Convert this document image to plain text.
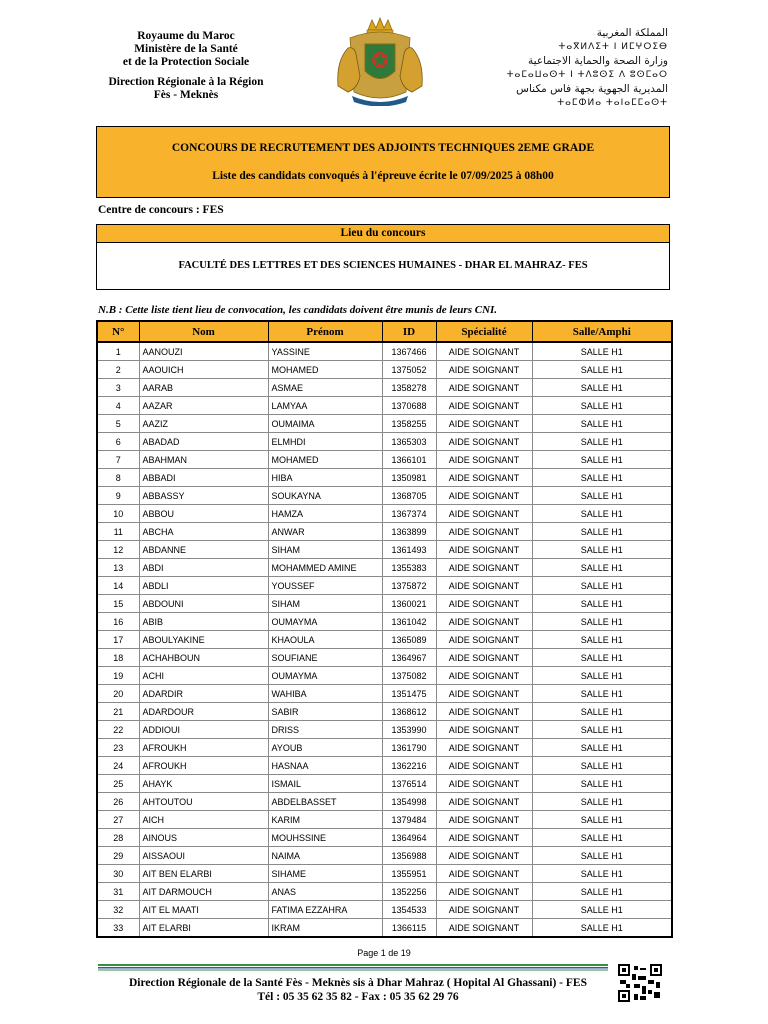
Royaume du Maroc
Ministère de la Santé
et de la Protection Sociale
Direction Régionale à la Région
Fès - Meknès
المملكة المغربية
ⵜⴰⴳⵍⴷⵉⵜ ⵏ ⵍⵎⵖⵔⵉⴱ
وزارة الصحة والحماية الاجتماعية
ⵜⴰⵎⴰⵡⴰⵙⵜ ⵏ ⵜⴷⵓⵙⵉ ⴷ ⵓⵙⵎⴰⵔ
المديرية الجهوية بجهة فاس مكناس
ⵜⴰⵎⵀⵍⴰ ⵜⴰⵏⴰⵎⵎⴰⵙⵜ
CONCOURS DE RECRUTEMENT DES ADJOINTS TECHNIQUES 2EME GRADE
Liste des candidats convoqués à l'épreuve écrite le 07/09/2025 à 08h00
Centre de concours : FES
Lieu du concours
FACULTÉ DES LETTRES ET DES SCIENCES HUMAINES - DHAR EL MAHRAZ- FES
N.B : Cette liste tient lieu de convocation, les candidats doivent être munis de leurs CNI.
N°	Nom	Prénom	ID	Spécialité	Salle/Amphi
1	AANOUZI	YASSINE	1367466	AIDE SOIGNANT	SALLE H1
2	AAOUICH	MOHAMED	1375052	AIDE SOIGNANT	SALLE H1
3	AARAB	ASMAE	1358278	AIDE SOIGNANT	SALLE H1
4	AAZAR	LAMYAA	1370688	AIDE SOIGNANT	SALLE H1
5	AAZIZ	OUMAIMA	1358255	AIDE SOIGNANT	SALLE H1
6	ABADAD	ELMHDI	1365303	AIDE SOIGNANT	SALLE H1
7	ABAHMAN	MOHAMED	1366101	AIDE SOIGNANT	SALLE H1
8	ABBADI	HIBA	1350981	AIDE SOIGNANT	SALLE H1
9	ABBASSY	SOUKAYNA	1368705	AIDE SOIGNANT	SALLE H1
10	ABBOU	HAMZA	1367374	AIDE SOIGNANT	SALLE H1
11	ABCHA	ANWAR	1363899	AIDE SOIGNANT	SALLE H1
12	ABDANNE	SIHAM	1361493	AIDE SOIGNANT	SALLE H1
13	ABDI	MOHAMMED AMINE	1355383	AIDE SOIGNANT	SALLE H1
14	ABDLI	YOUSSEF	1375872	AIDE SOIGNANT	SALLE H1
15	ABDOUNI	SIHAM	1360021	AIDE SOIGNANT	SALLE H1
16	ABIB	OUMAYMA	1361042	AIDE SOIGNANT	SALLE H1
17	ABOULYAKINE	KHAOULA	1365089	AIDE SOIGNANT	SALLE H1
18	ACHAHBOUN	SOUFIANE	1364967	AIDE SOIGNANT	SALLE H1
19	ACHI	OUMAYMA	1375082	AIDE SOIGNANT	SALLE H1
20	ADARDIR	WAHIBA	1351475	AIDE SOIGNANT	SALLE H1
21	ADARDOUR	SABIR	1368612	AIDE SOIGNANT	SALLE H1
22	ADDIOUI	DRISS	1353990	AIDE SOIGNANT	SALLE H1
23	AFROUKH	AYOUB	1361790	AIDE SOIGNANT	SALLE H1
24	AFROUKH	HASNAA	1362216	AIDE SOIGNANT	SALLE H1
25	AHAYK	ISMAIL	1376514	AIDE SOIGNANT	SALLE H1
26	AHTOUTOU	ABDELBASSET	1354998	AIDE SOIGNANT	SALLE H1
27	AICH	KARIM	1379484	AIDE SOIGNANT	SALLE H1
28	AINOUS	MOUHSSINE	1364964	AIDE SOIGNANT	SALLE H1
29	AISSAOUI	NAIMA	1356988	AIDE SOIGNANT	SALLE H1
30	AIT BEN ELARBI	SIHAME	1355951	AIDE SOIGNANT	SALLE H1
31	AIT DARMOUCH	ANAS	1352256	AIDE SOIGNANT	SALLE H1
32	AIT EL MAATI	FATIMA EZZAHRA	1354533	AIDE SOIGNANT	SALLE H1
33	AIT ELARBI	IKRAM	1366115	AIDE SOIGNANT	SALLE H1
Page 1 de 19
Direction Régionale de la Santé Fès - Meknès sis à Dhar Mahraz ( Hopital Al Ghassani) - FES
Tél : 05 35 62 35 82 - Fax : 05 35 62 29 76
